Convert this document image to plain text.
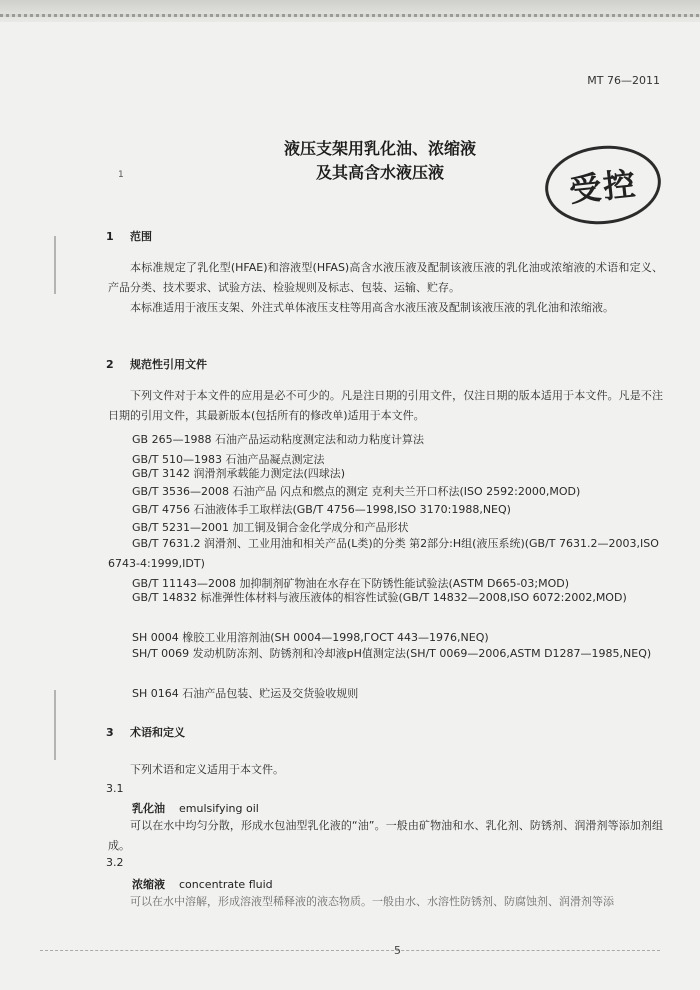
MT 76—2011
液压支架用乳化油、浓缩液
及其高含水液压液
1	受控
1 范围
本标准规定了乳化型(HFAE)和溶液型(HFAS)高含水液压液及配制该液压液的乳化油或浓缩液的术语和定义、产品分类、技术要求、试验方法、检验规则及标志、包装、运输、贮存。
本标准适用于液压支架、外注式单体液压支柱等用高含水液压液及配制该液压液的乳化油和浓缩液。
2 规范性引用文件
下列文件对于本文件的应用是必不可少的。凡是注日期的引用文件，仅注日期的版本适用于本文件。凡是不注日期的引用文件，其最新版本(包括所有的修改单)适用于本文件。
GB 265—1988 石油产品运动粘度测定法和动力粘度计算法
GB/T 510—1983 石油产品凝点测定法
GB/T 3142 润滑剂承载能力测定法(四球法)
GB/T 3536—2008 石油产品 闪点和燃点的测定 克利夫兰开口杯法(ISO 2592:2000,MOD)
GB/T 4756 石油液体手工取样法(GB/T 4756—1998,ISO 3170:1988,NEQ)
GB/T 5231—2001 加工铜及铜合金化学成分和产品形状
GB/T 7631.2 润滑剂、工业用油和相关产品(L类)的分类 第2部分:H组(液压系统)(GB/T 7631.2—2003,ISO 6743-4:1999,IDT)
GB/T 11143—2008 加抑制剂矿物油在水存在下防锈性能试验法(ASTM D665-03;MOD)
GB/T 14832 标准弹性体材料与液压液体的相容性试验(GB/T 14832—2008,ISO 6072:2002,MOD)
SH 0004 橡胶工业用溶剂油(SH 0004—1998,ГОСТ 443—1976,NEQ)
SH/T 0069 发动机防冻剂、防锈剂和冷却液pH值测定法(SH/T 0069—2006,ASTM D1287—1985,NEQ)
SH 0164 石油产品包装、贮运及交货验收规则
3 术语和定义
下列术语和定义适用于本文件。
3.1
乳化油 emulsifying oil
可以在水中均匀分散，形成水包油型乳化液的“油”。一般由矿物油和水、乳化剂、防锈剂、润滑剂等添加剂组成。
3.2
浓缩液 concentrate fluid
可以在水中溶解，形成溶液型稀释液的液态物质。一般由水、水溶性防锈剂、防腐蚀剂、润滑剂等添
5
